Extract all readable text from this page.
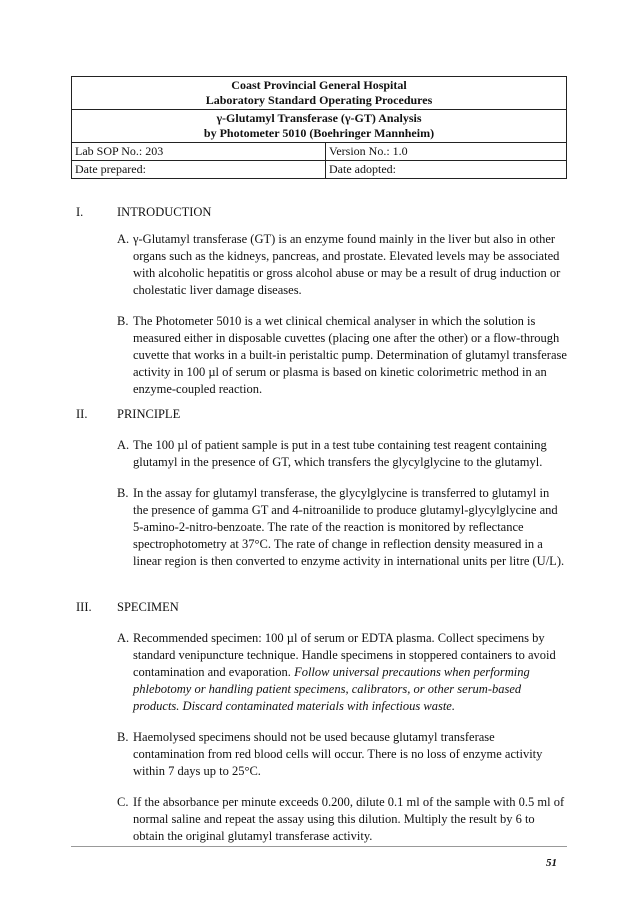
Coast Provincial General Hospital
Laboratory Standard Operating Procedures	

γ-Glutamyl Transferase (γ-GT) Analysis
by Photometer 5010 (Boehringer Mannheim)	

Lab SOP No.: 203	Version No.: 1.0
Date prepared:	Date adopted:
I.	INTRODUCTION
A. γ-Glutamyl transferase (GT) is an enzyme found mainly in the liver but also in other organs such as the kidneys, pancreas, and prostate. Elevated levels may be associated with alcoholic hepatitis or gross alcohol abuse or may be a result of drug induction or cholestatic liver damage diseases.
B. The Photometer 5010 is a wet clinical chemical analyser in which the solution is measured either in disposable cuvettes (placing one after the other) or a flow-through cuvette that works in a built-in peristaltic pump. Determination of glutamyl transferase activity in 100 µl of serum or plasma is based on kinetic colorimetric method in an enzyme-coupled reaction.
II. PRINCIPLE
A. The 100 µl of patient sample is put in a test tube containing test reagent containing glutamyl in the presence of GT, which transfers the glycylglycine to the glutamyl.
B. In the assay for glutamyl transferase, the glycylglycine is transferred to glutamyl in the presence of gamma GT and 4-nitroanilide to produce glutamyl-glycylglycine and 5-amino-2-nitro-benzoate. The rate of the reaction is monitored by reflectance spectrophotometry at 37°C. The rate of change in reflection density measured in a linear region is then converted to enzyme activity in international units per litre (U/L).
III. SPECIMEN
A. Recommended specimen: 100 µl of serum or EDTA plasma. Collect specimens by standard venipuncture technique. Handle specimens in stoppered containers to avoid contamination and evaporation. Follow universal precautions when performing phlebotomy or handling patient specimens, calibrators, or other serum-based products. Discard contaminated materials with infectious waste.
B. Haemolysed specimens should not be used because glutamyl transferase contamination from red blood cells will occur. There is no loss of enzyme activity within 7 days up to 25°C.
C. If the absorbance per minute exceeds 0.200, dilute 0.1 ml of the sample with 0.5 ml of normal saline and repeat the assay using this dilution. Multiply the result by 6 to obtain the original glutamyl transferase activity.
51
